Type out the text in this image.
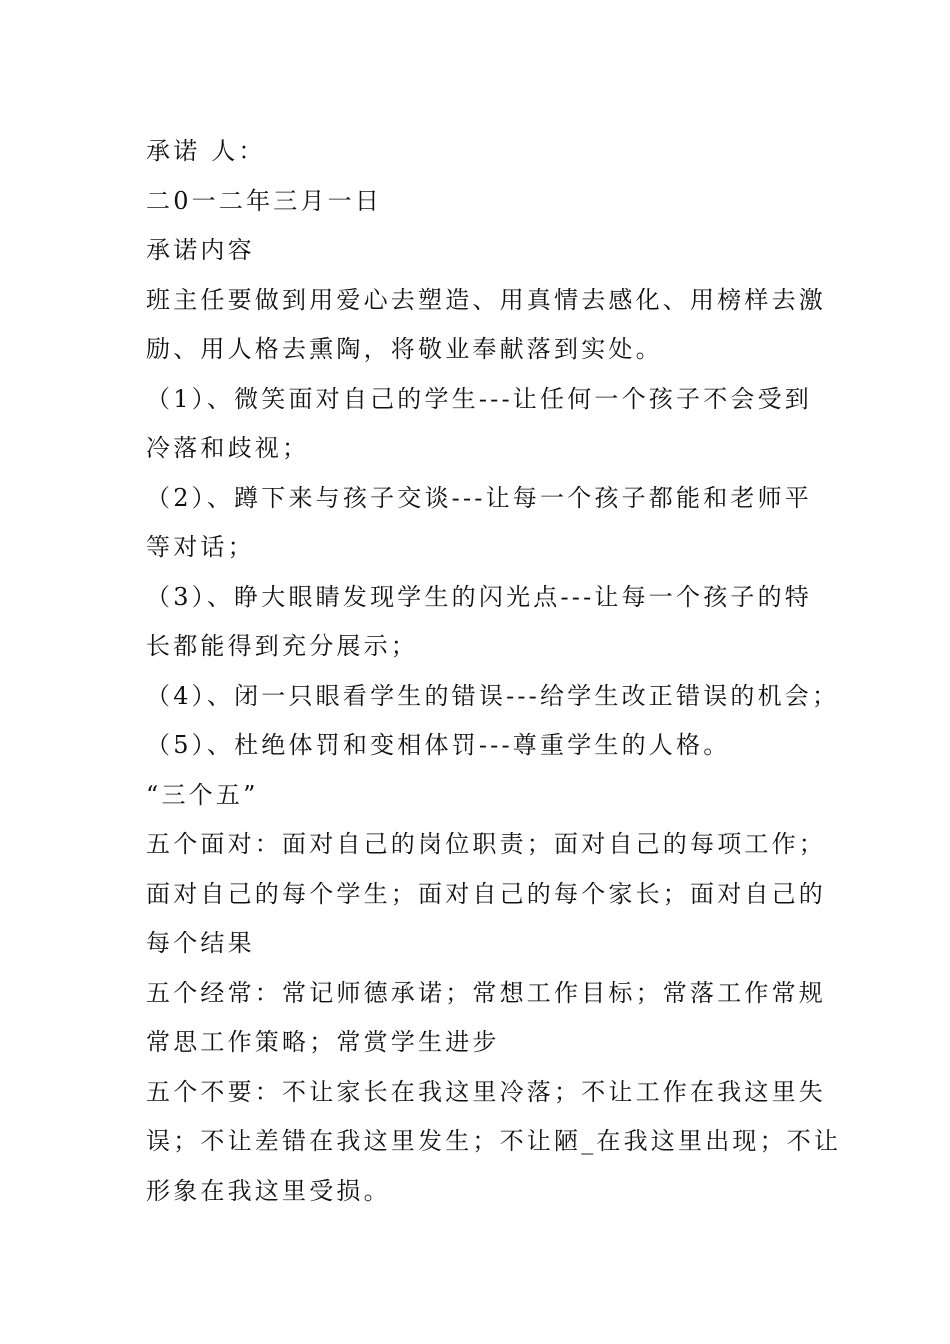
承诺 人：
二0一二年三月一日
承诺内容
班主任要做到用爱心去塑造、用真情去感化、用榜样去激
励、用人格去熏陶，将敬业奉献落到实处。
（1）、微笑面对自己的学生---让任何一个孩子不会受到
冷落和歧视；
（2）、蹲下来与孩子交谈---让每一个孩子都能和老师平
等对话；
（3）、睁大眼睛发现学生的闪光点---让每一个孩子的特
长都能得到充分展示；
（4）、闭一只眼看学生的错误---给学生改正错误的机会；
（5）、杜绝体罚和变相体罚---尊重学生的人格。
“三个五”
五个面对：面对自己的岗位职责；面对自己的每项工作；
面对自己的每个学生；面对自己的每个家长；面对自己的
每个结果
五个经常：常记师德承诺；常想工作目标；常落工作常规
常思工作策略；常赏学生进步
五个不要：不让家长在我这里冷落；不让工作在我这里失
误；不让差错在我这里发生；不让陋_在我这里出现；不让
形象在我这里受损。
